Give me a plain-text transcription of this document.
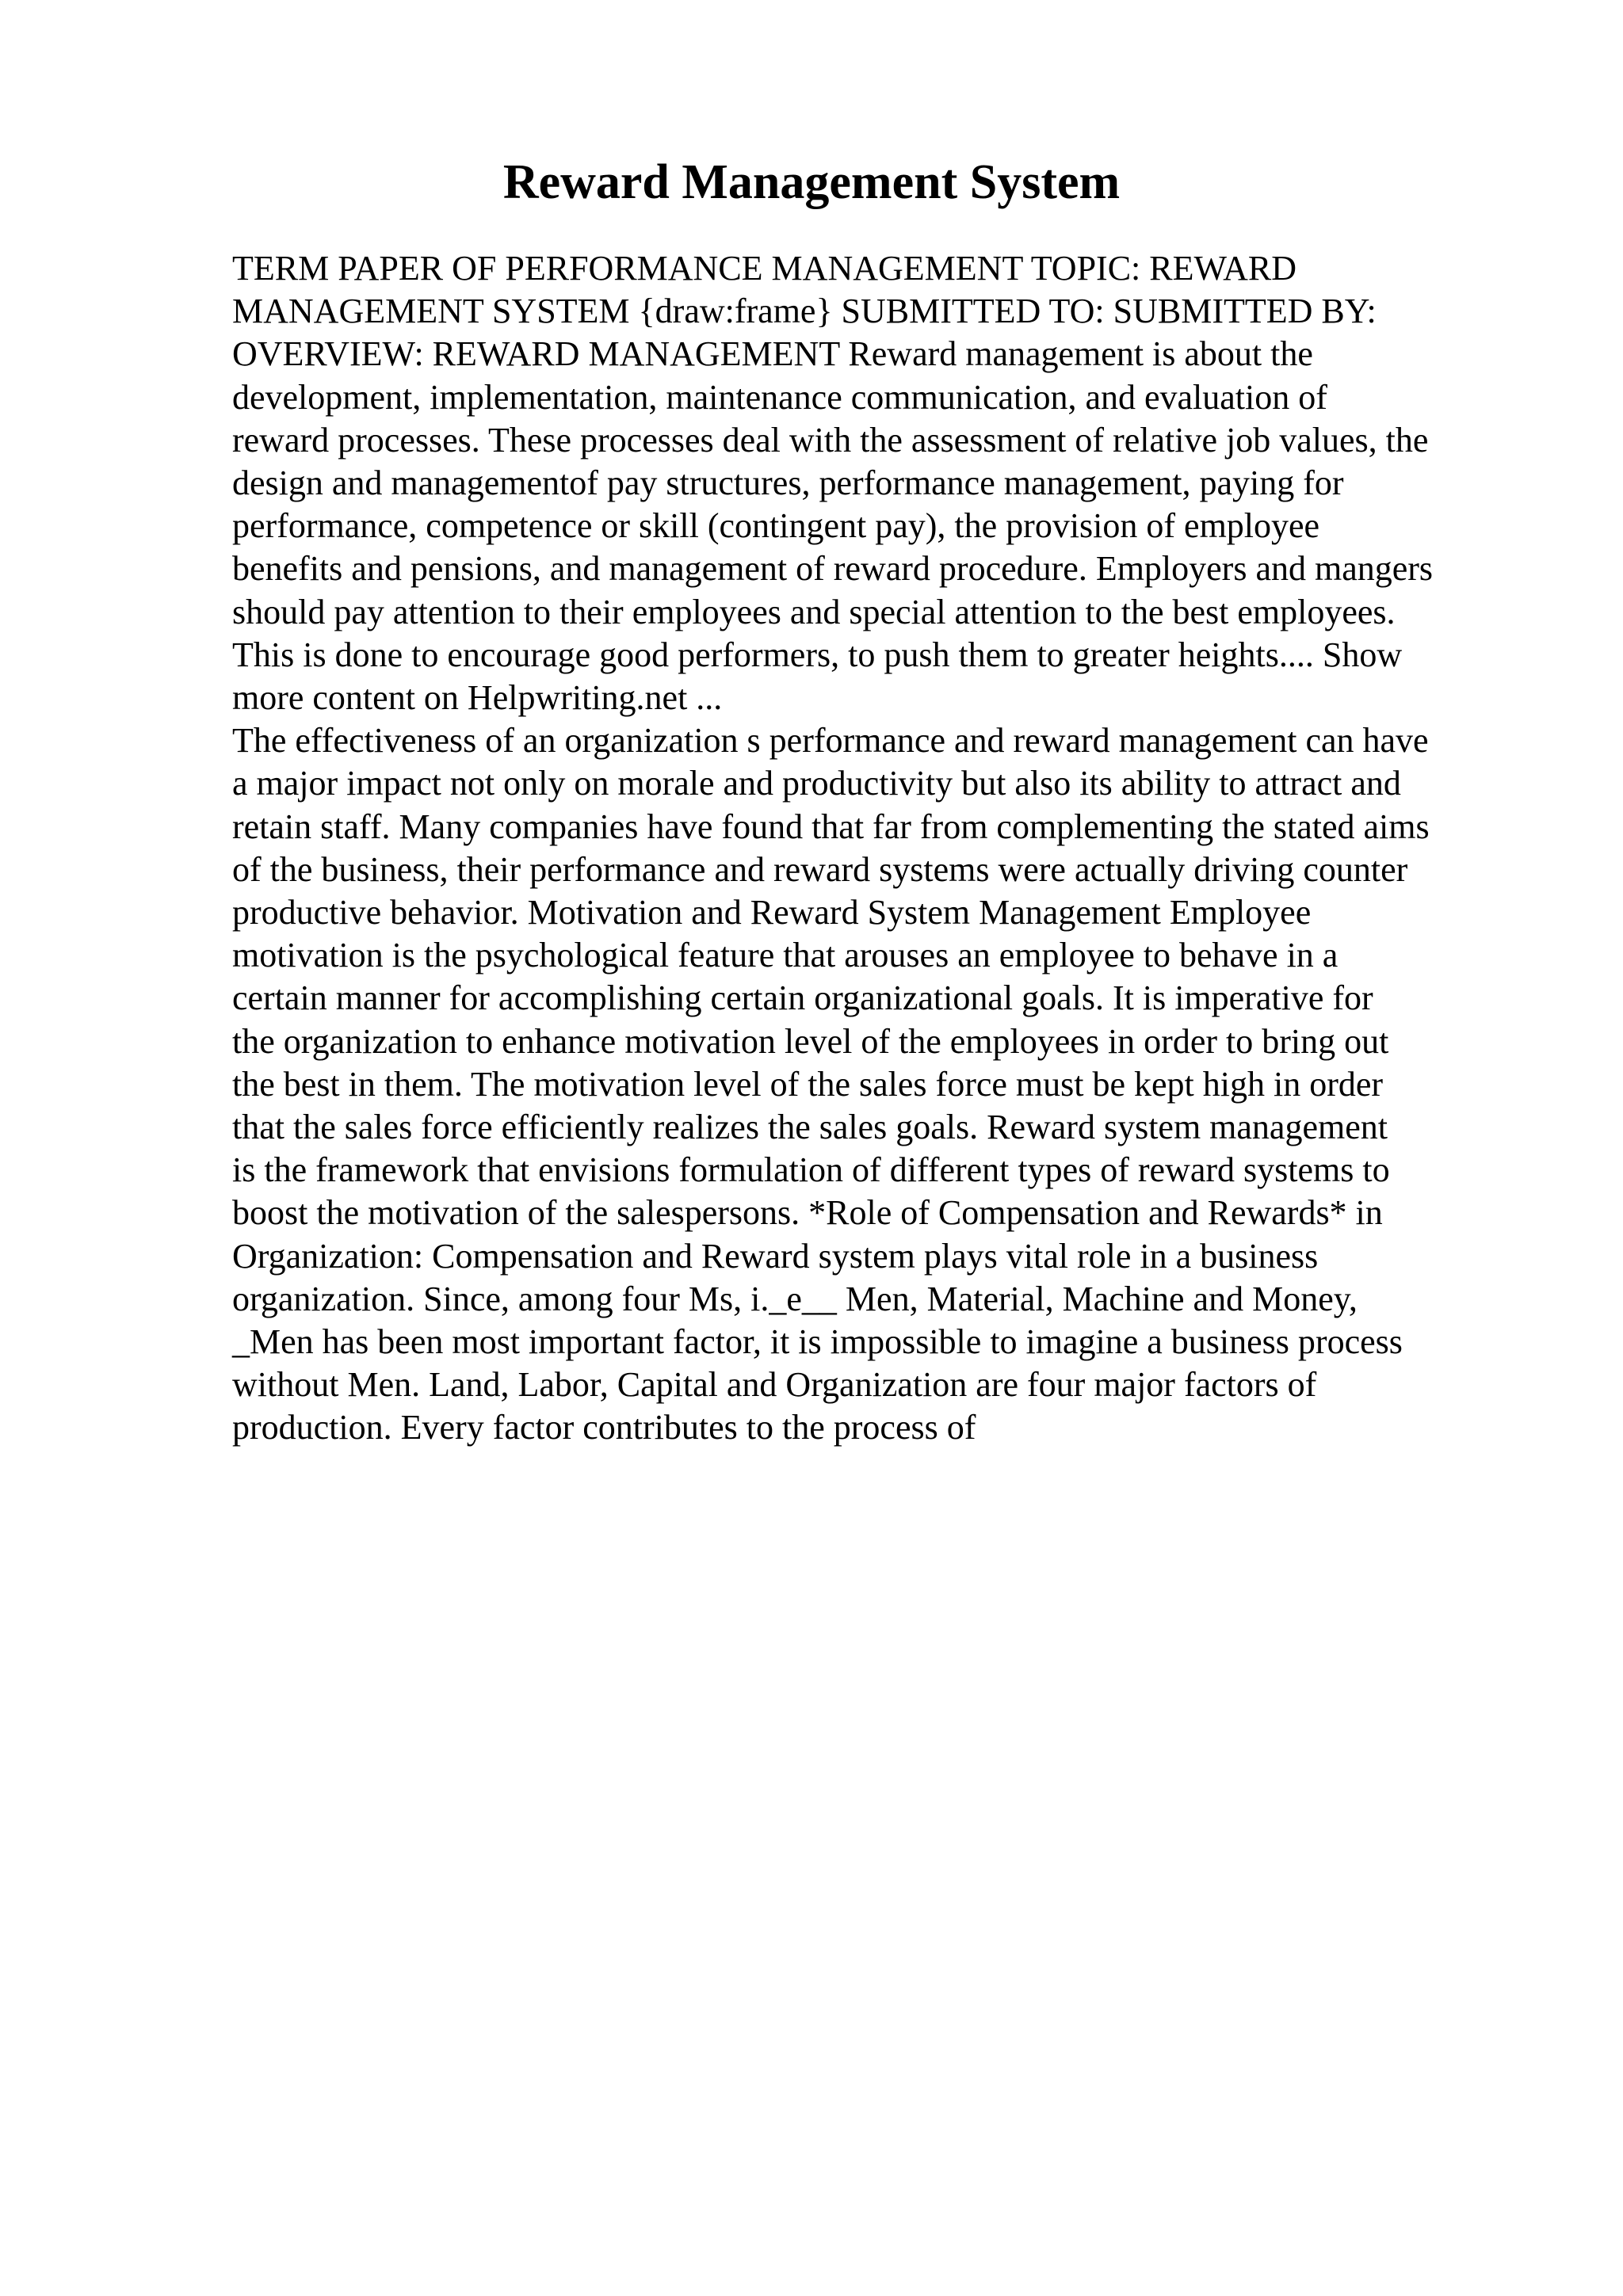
Reward Management System
TERM PAPER OF PERFORMANCE MANAGEMENT TOPIC: REWARD
MANAGEMENT SYSTEM {draw:frame} SUBMITTED TO: SUBMITTED BY:
OVERVIEW: REWARD MANAGEMENT Reward management is about the
development, implementation, maintenance communication, and evaluation of
reward processes. These processes deal with the assessment of relative job values, the
design and managementof pay structures, performance management, paying for
performance, competence or skill (contingent pay), the provision of employee
benefits and pensions, and management of reward procedure. Employers and mangers
should pay attention to their employees and special attention to the best employees.
This is done to encourage good performers, to push them to greater heights.... Show
more content on Helpwriting.net ...
The effectiveness of an organization s performance and reward management can have
a major impact not only on morale and productivity but also its ability to attract and
retain staff. Many companies have found that far from complementing the stated aims
of the business, their performance and reward systems were actually driving counter
productive behavior. Motivation and Reward System Management Employee
motivation is the psychological feature that arouses an employee to behave in a
certain manner for accomplishing certain organizational goals. It is imperative for
the organization to enhance motivation level of the employees in order to bring out
the best in them. The motivation level of the sales force must be kept high in order
that the sales force efficiently realizes the sales goals. Reward system management
is the framework that envisions formulation of different types of reward systems to
boost the motivation of the salespersons. *Role of Compensation and Rewards* in
Organization: Compensation and Reward system plays vital role in a business
organization. Since, among four Ms, i._e__ Men, Material, Machine and Money,
_Men has been most important factor, it is impossible to imagine a business process
without Men. Land, Labor, Capital and Organization are four major factors of
production. Every factor contributes to the process of
